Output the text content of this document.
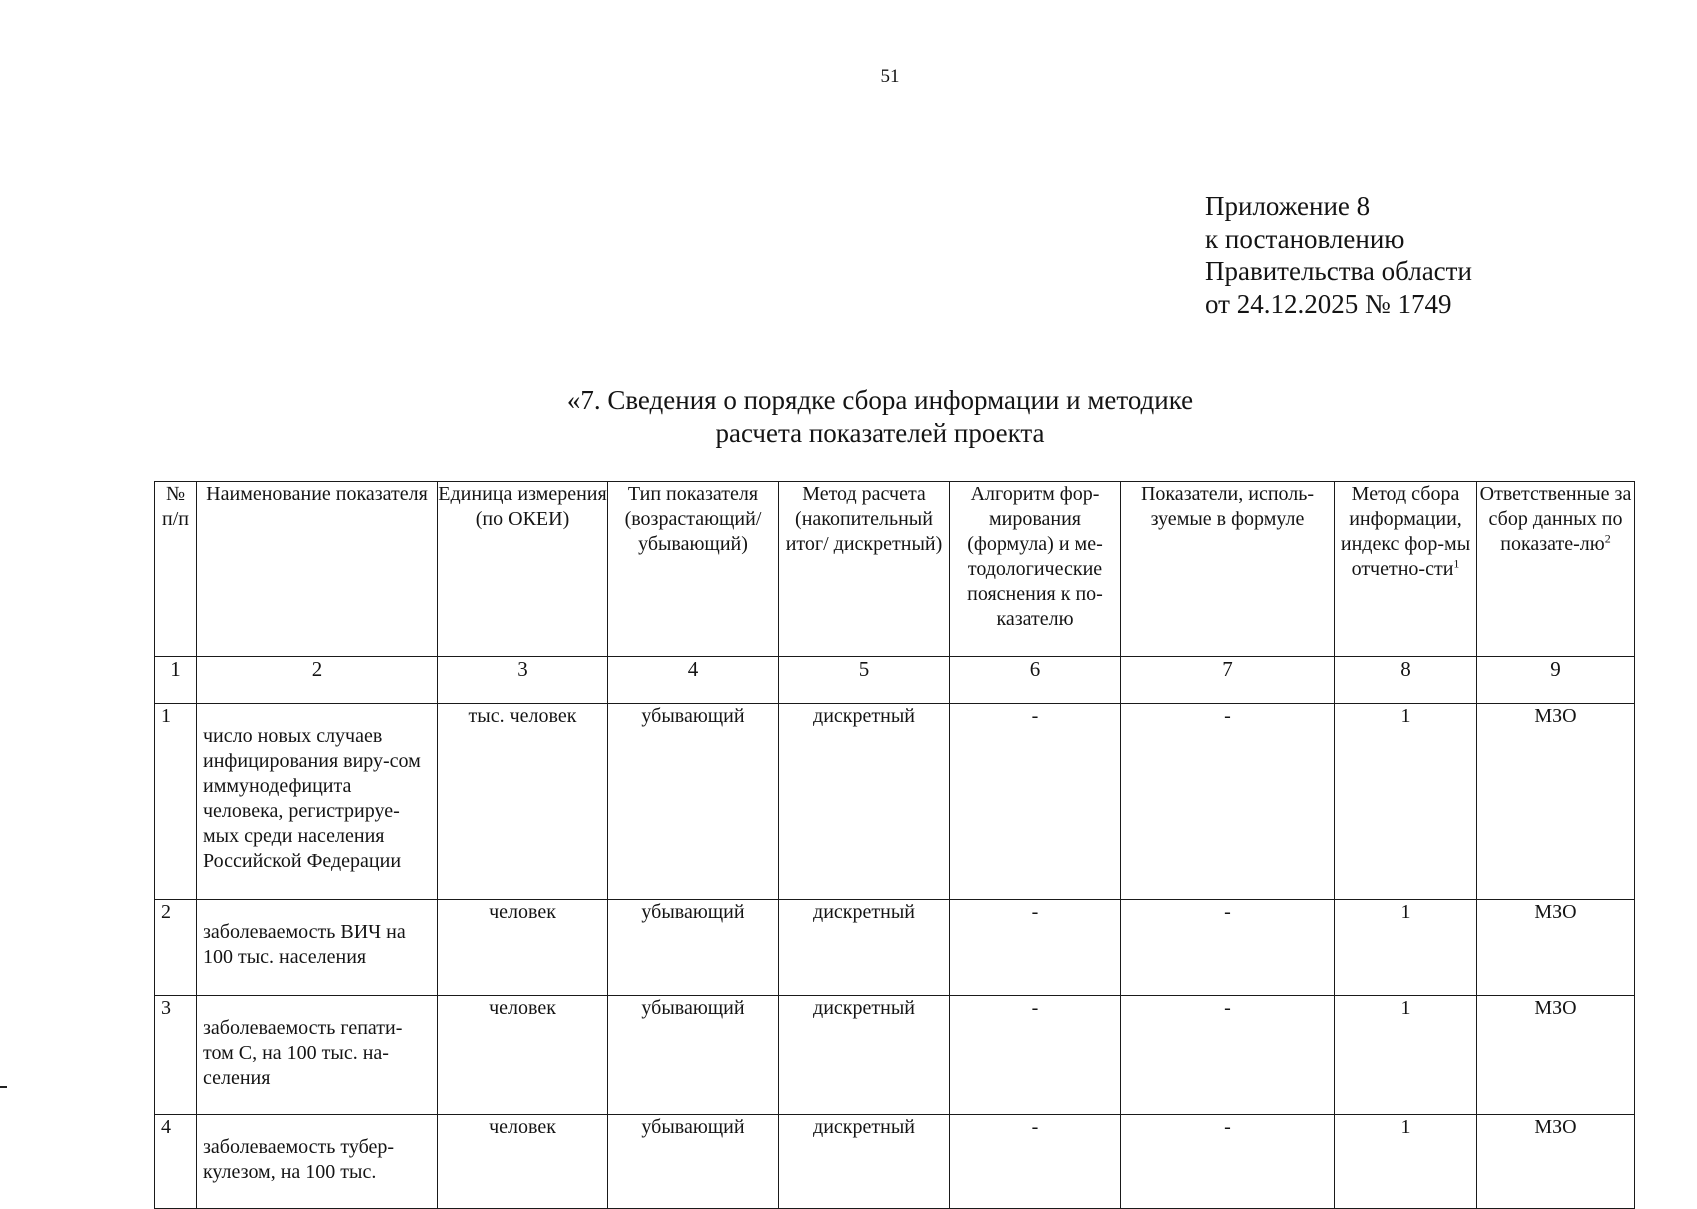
51
Приложение 8
к постановлению
Правительства области
от 24.12.2025 № 1749
«7. Сведения о порядке сбора информации и методике
расчета показателей проекта
№ п/п	Наименование показателя	Единица измерения (по ОКЕИ)	Тип показателя (возрастающий/ убывающий)	Метод расчета (накопительный итог/ дискретный)	Алгоритм фор-мирования (формула) и ме-тодологические пояснения к по-казателю	Показатели, исполь-зуемые в формуле	Метод сбора информации, индекс фор-мы отчетно-сти$^1$	Ответственные за сбор данных по показате-$лю^2$
1	2	3	4	5	6	7	8	9
1	число новых случаев инфицирования виру-сом иммунодефицита человека, регистрируе-мых среди населения Российской Федерации	тыс. человек	убывающий	дискретный	-	-	1	МЗО
2	заболеваемость ВИЧ на 100 тыс. населения	человек	убывающий	дискретный	-	-	1	МЗО
3	заболеваемость гепати-том С, на 100 тыс. на-селения	человек	убывающий	дискретный	-	-	1	МЗО
4	заболеваемость тубер-кулезом, на 100 тыс.	человек	убывающий	дискретный	-	-	1	МЗО
